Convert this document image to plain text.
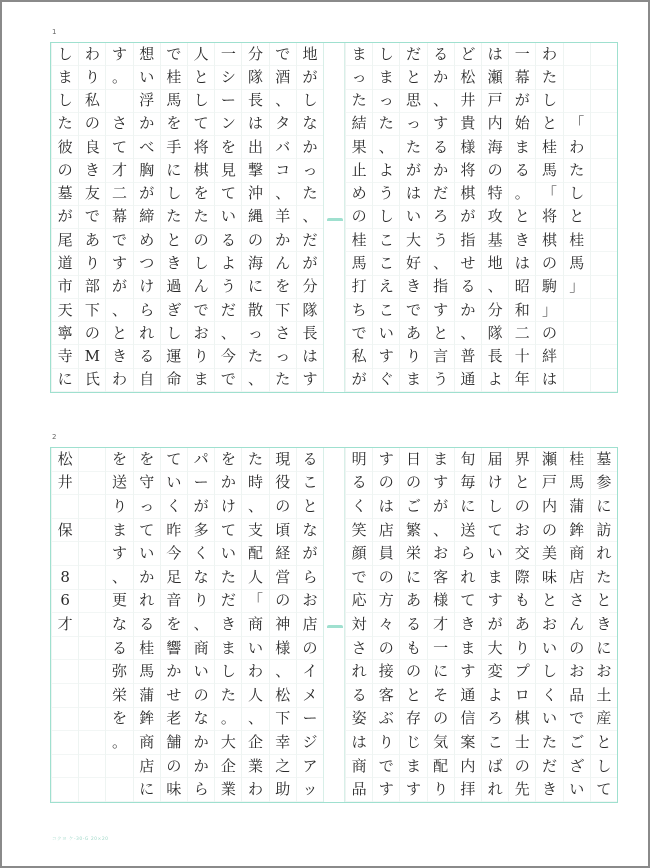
1
「
わ
た
し
と
桂
馬
」
わ
た
し
と
桂
馬
「
将
棋
の
駒
」
の
絆
は
一
幕
が
始
ま
る
。
と
き
は
昭
和
二
十
年
は
瀬
戸
内
海
の
特
攻
基
地
、
分
隊
長
よ
ど
松
井
貴
様
将
棋
が
指
せ
る
か
、
普
通
る
か
、
す
る
か
だ
ろ
う
、
指
す
と
言
う
だ
と
思
っ
た
が
は
い
大
好
き
で
あ
り
ま
し
ま
っ
た
、
よ
う
し
こ
こ
え
こ
い
す
ぐ
ま
っ
た
結
果
止
め
の
桂
馬
打
ち
で
私
が
地
が
し
な
か
っ
た
、
だ
が
分
隊
長
は
す
で
酒
、
タ
バ
コ
、
羊
か
ん
を
下
さ
っ
た
分
隊
長
は
出
撃
沖
縄
の
海
に
散
っ
た
、
一
シ
ー
ン
を
見
て
い
る
よ
う
だ
、
今
で
人
と
し
て
将
棋
を
た
の
し
ん
で
お
り
ま
で
桂
馬
を
手
に
し
た
と
き
過
ぎ
し
運
命
想
い
浮
か
べ
胸
が
締
め
つ
け
ら
れ
る
自
す
。
さ
て
才
二
幕
で
す
が
、
と
き
わ
わ
り
私
の
良
き
友
で
あ
り
部
下
の
M
氏
し
ま
し
た
彼
の
墓
が
尾
道
市
天
寧
寺
に
2
墓
参
に
訪
れ
た
と
き
に
お
土
産
と
し
て
桂
馬
蒲
鉾
商
店
さ
ん
の
お
品
で
ご
ざ
い
瀬
戸
内
の
美
味
と
お
い
し
く
い
た
だ
き
界
と
の
お
交
際
も
あ
り
プ
ロ
棋
士
の
先
届
け
し
て
い
ま
す
が
大
変
よ
ろ
こ
ば
れ
旬
毎
に
送
ら
れ
て
き
ま
す
通
信
案
内
拝
ま
す
が
、
お
客
様
才
一
に
そ
の
気
配
り
日
の
ご
繁
栄
に
あ
る
も
の
と
存
じ
ま
す
す
の
は
店
員
の
方
々
の
接
客
ぶ
り
で
す
明
る
く
笑
顔
で
応
対
さ
れ
る
姿
は
商
品
る
こ
と
な
が
ら
お
店
の
イ
メ
ー
ジ
ア
ッ
現
役
の
頃
経
営
の
神
様
、
松
下
幸
之
助
た
時
、
支
配
人
「
商
い
わ
人
、
企
業
わ
を
か
け
て
い
た
だ
き
ま
し
た
。
大
企
業
パ
ー
が
多
く
な
り
、
商
い
の
な
か
か
ら
て
い
く
昨
今
足
音
を
響
か
せ
老
舗
の
味
を
守
っ
て
い
か
れ
る
桂
馬
蒲
鉾
商
店
に
を
送
り
ま
す
、
更
な
る
弥
栄
を
。
松
井
保
8
6
才
コクヨ ケ-30-G 20×20
